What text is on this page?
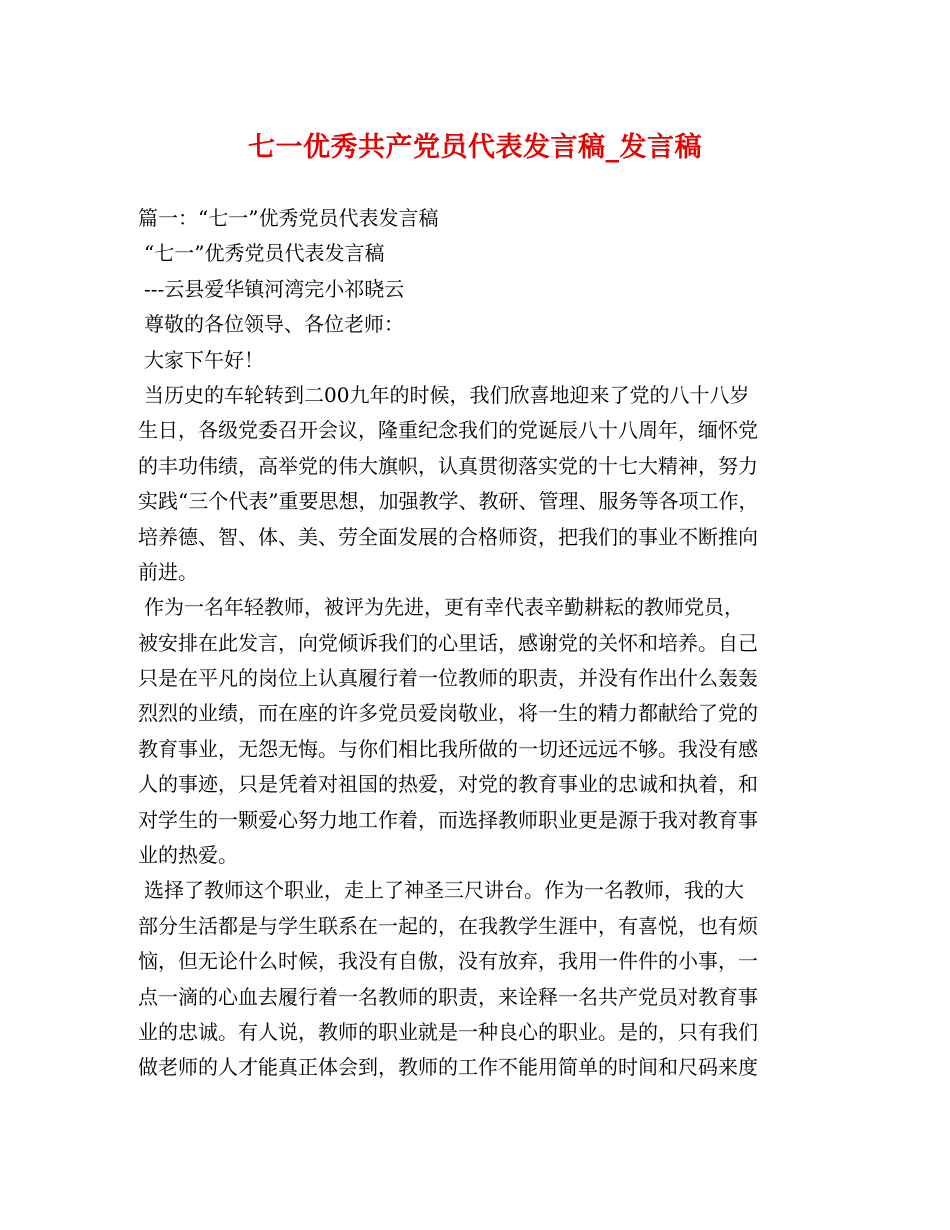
七一优秀共产党员代表发言稿_发言稿
篇一：“七一”优秀党员代表发言稿
“七一”优秀党员代表发言稿
---云县爱华镇河湾完小祁晓云
尊敬的各位领导、各位老师：
大家下午好！
当历史的车轮转到二00九年的时候，我们欣喜地迎来了党的八十八岁
生日，各级党委召开会议，隆重纪念我们的党诞辰八十八周年，缅怀党
的丰功伟绩，高举党的伟大旗帜，认真贯彻落实党的十七大精神，努力
实践“三个代表”重要思想，加强教学、教研、管理、服务等各项工作，
培养德、智、体、美、劳全面发展的合格师资，把我们的事业不断推向
前进。
作为一名年轻教师，被评为先进，更有幸代表辛勤耕耘的教师党员，
被安排在此发言，向党倾诉我们的心里话，感谢党的关怀和培养。自己
只是在平凡的岗位上认真履行着一位教师的职责，并没有作出什么轰轰
烈烈的业绩，而在座的许多党员爱岗敬业，将一生的精力都献给了党的
教育事业，无怨无悔。与你们相比我所做的一切还远远不够。我没有感
人的事迹，只是凭着对祖国的热爱，对党的教育事业的忠诚和执着，和
对学生的一颗爱心努力地工作着，而选择教师职业更是源于我对教育事
业的热爱。
选择了教师这个职业，走上了神圣三尺讲台。作为一名教师，我的大
部分生活都是与学生联系在一起的，在我教学生涯中，有喜悦，也有烦
恼，但无论什么时候，我没有自傲，没有放弃，我用一件件的小事，一
点一滴的心血去履行着一名教师的职责，来诠释一名共产党员对教育事
业的忠诚。有人说，教师的职业就是一种良心的职业。是的，只有我们
做老师的人才能真正体会到，教师的工作不能用简单的时间和尺码来度
